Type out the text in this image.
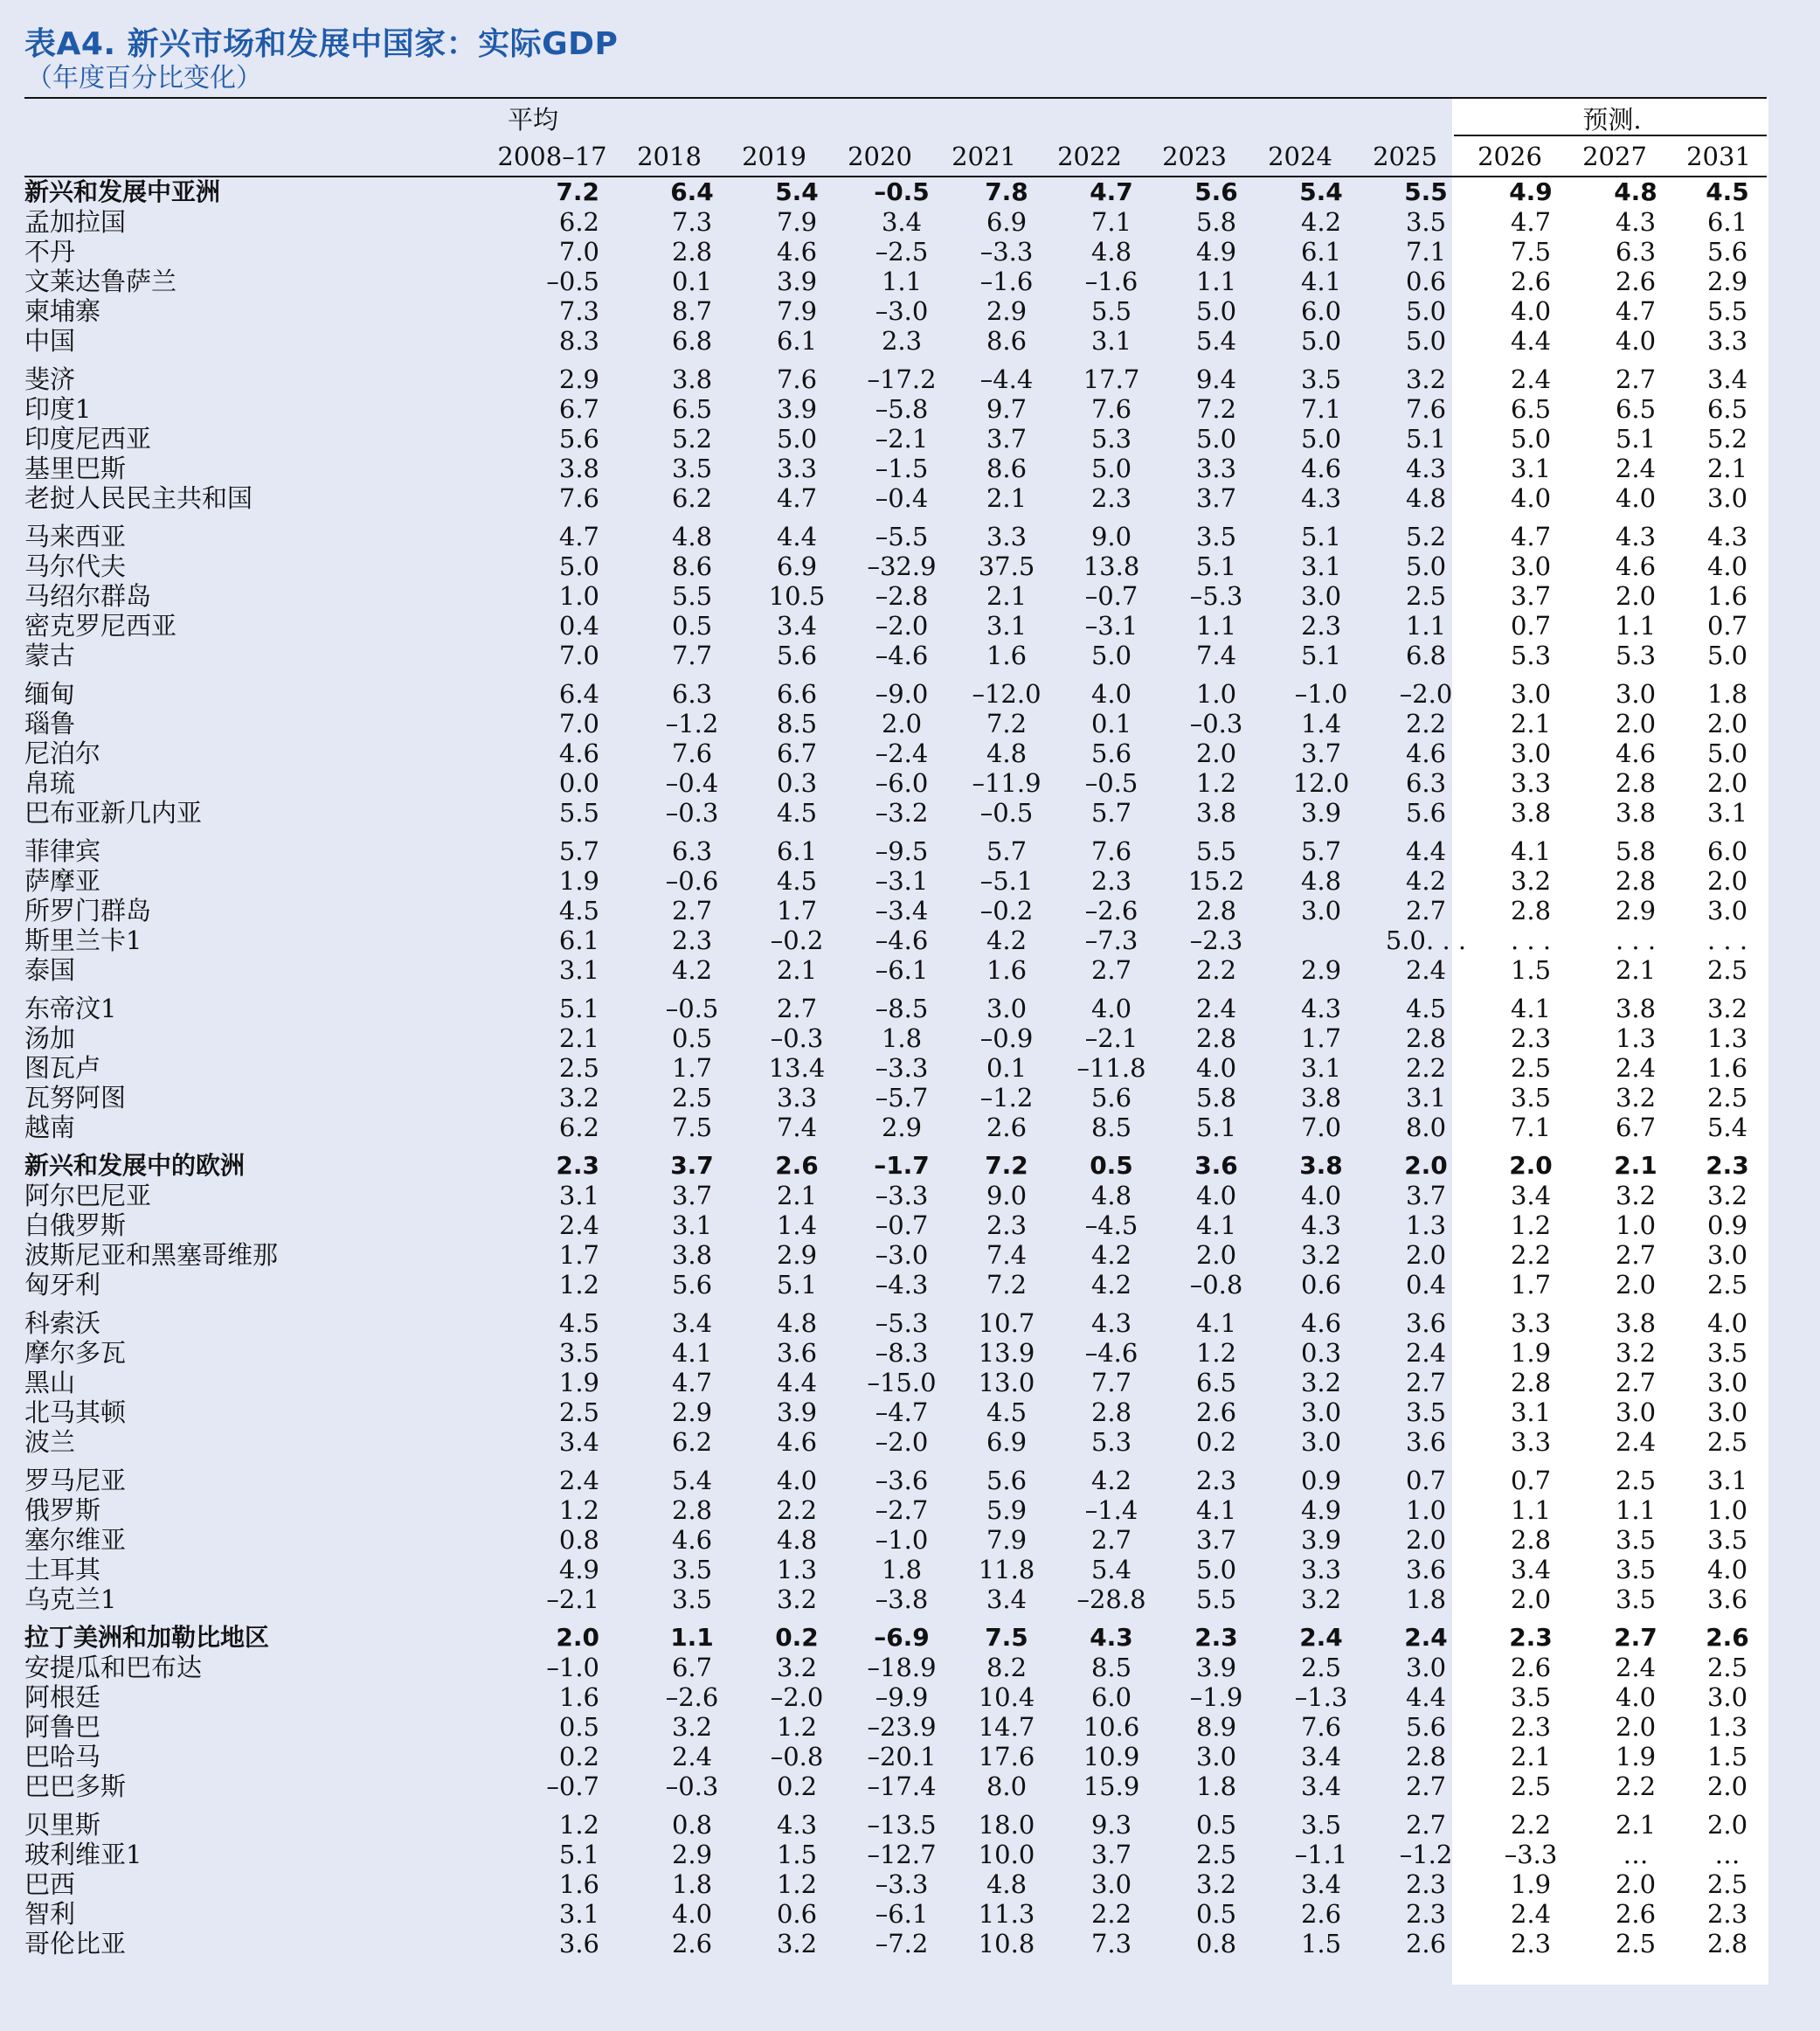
表A4. 新兴市场和发展中国家：实际GDP
（年度百分比变化）
平均	预测.
2008–17 2018 2019 2020 2021 2022 2023 2024 2025 2026 2027 2031
新兴和发展中亚洲	7.2	6.4	5.4	–0.5	7.8	4.7	5.6	5.4	5.5	4.9	4.8	4.5
孟加拉国	6.2	7.3	7.9	3.4	6.9	7.1	5.8	4.2	3.5	4.7	4.3	6.1
不丹	7.0	2.8	4.6	–2.5	–3.3	4.8	4.9	6.1	7.1	7.5	6.3	5.6
文莱达鲁萨兰	–0.5	0.1	3.9	1.1	–1.6	–1.6	1.1	4.1	0.6	2.6	2.6	2.9
柬埔寨	7.3	8.7	7.9	–3.0	2.9	5.5	5.0	6.0	5.0	4.0	4.7	5.5
中国	8.3	6.8	6.1	2.3	8.6	3.1	5.4	5.0	5.0	4.4	4.0	3.3
斐济	2.9	3.8	7.6	–17.2	–4.4	17.7	9.4	3.5	3.2	2.4	2.7	3.4
印度1	6.7	6.5	3.9	–5.8	9.7	7.6	7.2	7.1	7.6	6.5	6.5	6.5
印度尼西亚	5.6	5.2	5.0	–2.1	3.7	5.3	5.0	5.0	5.1	5.0	5.1	5.2
基里巴斯	3.8	3.5	3.3	–1.5	8.6	5.0	3.3	4.6	4.3	3.1	2.4	2.1
老挝人民民主共和国	7.6	6.2	4.7	–0.4	2.1	2.3	3.7	4.3	4.8	4.0	4.0	3.0
马来西亚	4.7	4.8	4.4	–5.5	3.3	9.0	3.5	5.1	5.2	4.7	4.3	4.3
马尔代夫	5.0	8.6	6.9	–32.9	37.5	13.8	5.1	3.1	5.0	3.0	4.6	4.0
马绍尔群岛	1.0	5.5	10.5	–2.8	2.1	–0.7	–5.3	3.0	2.5	3.7	2.0	1.6
密克罗尼西亚	0.4	0.5	3.4	–2.0	3.1	–3.1	1.1	2.3	1.1	0.7	1.1	0.7
蒙古	7.0	7.7	5.6	–4.6	1.6	5.0	7.4	5.1	6.8	5.3	5.3	5.0
缅甸	6.4	6.3	6.6	–9.0	–12.0	4.0	1.0	–1.0	–2.0	3.0	3.0	1.8
瑙鲁	7.0	–1.2	8.5	2.0	7.2	0.1	–0.3	1.4	2.2	2.1	2.0	2.0
尼泊尔	4.6	7.6	6.7	–2.4	4.8	5.6	2.0	3.7	4.6	3.0	4.6	5.0
帛琉	0.0	–0.4	0.3	–6.0	–11.9	–0.5	1.2	12.0	6.3	3.3	2.8	2.0
巴布亚新几内亚	5.5	–0.3	4.5	–3.2	–0.5	5.7	3.8	3.9	5.6	3.8	3.8	3.1
菲律宾	5.7	6.3	6.1	–9.5	5.7	7.6	5.5	5.7	4.4	4.1	5.8	6.0
萨摩亚	1.9	–0.6	4.5	–3.1	–5.1	2.3	15.2	4.8	4.2	3.2	2.8	2.0
所罗门群岛	4.5	2.7	1.7	–3.4	–0.2	–2.6	2.8	3.0	2.7	2.8	2.9	3.0
斯里兰卡1	6.1	2.3	–0.2	–4.6	4.2	–7.3	–2.3		5.0. . .	. . .	. . .	. . .
泰国	3.1	4.2	2.1	–6.1	1.6	2.7	2.2	2.9	2.4	1.5	2.1	2.5
东帝汶1	5.1	–0.5	2.7	–8.5	3.0	4.0	2.4	4.3	4.5	4.1	3.8	3.2
汤加	2.1	0.5	–0.3	1.8	–0.9	–2.1	2.8	1.7	2.8	2.3	1.3	1.3
图瓦卢	2.5	1.7	13.4	–3.3	0.1	–11.8	4.0	3.1	2.2	2.5	2.4	1.6
瓦努阿图	3.2	2.5	3.3	–5.7	–1.2	5.6	5.8	3.8	3.1	3.5	3.2	2.5
越南	6.2	7.5	7.4	2.9	2.6	8.5	5.1	7.0	8.0	7.1	6.7	5.4
新兴和发展中的欧洲	2.3	3.7	2.6	–1.7	7.2	0.5	3.6	3.8	2.0	2.0	2.1	2.3
阿尔巴尼亚	3.1	3.7	2.1	–3.3	9.0	4.8	4.0	4.0	3.7	3.4	3.2	3.2
白俄罗斯	2.4	3.1	1.4	–0.7	2.3	–4.5	4.1	4.3	1.3	1.2	1.0	0.9
波斯尼亚和黑塞哥维那	1.7	3.8	2.9	–3.0	7.4	4.2	2.0	3.2	2.0	2.2	2.7	3.0
匈牙利	1.2	5.6	5.1	–4.3	7.2	4.2	–0.8	0.6	0.4	1.7	2.0	2.5
科索沃	4.5	3.4	4.8	–5.3	10.7	4.3	4.1	4.6	3.6	3.3	3.8	4.0
摩尔多瓦	3.5	4.1	3.6	–8.3	13.9	–4.6	1.2	0.3	2.4	1.9	3.2	3.5
黑山	1.9	4.7	4.4	–15.0	13.0	7.7	6.5	3.2	2.7	2.8	2.7	3.0
北马其顿	2.5	2.9	3.9	–4.7	4.5	2.8	2.6	3.0	3.5	3.1	3.0	3.0
波兰	3.4	6.2	4.6	–2.0	6.9	5.3	0.2	3.0	3.6	3.3	2.4	2.5
罗马尼亚	2.4	5.4	4.0	–3.6	5.6	4.2	2.3	0.9	0.7	0.7	2.5	3.1
俄罗斯	1.2	2.8	2.2	–2.7	5.9	–1.4	4.1	4.9	1.0	1.1	1.1	1.0
塞尔维亚	0.8	4.6	4.8	–1.0	7.9	2.7	3.7	3.9	2.0	2.8	3.5	3.5
土耳其	4.9	3.5	1.3	1.8	11.8	5.4	5.0	3.3	3.6	3.4	3.5	4.0
乌克兰1	–2.1	3.5	3.2	–3.8	3.4	–28.8	5.5	3.2	1.8	2.0	3.5	3.6
拉丁美洲和加勒比地区	2.0	1.1	0.2	–6.9	7.5	4.3	2.3	2.4	2.4	2.3	2.7	2.6
安提瓜和巴布达	–1.0	6.7	3.2	–18.9	8.2	8.5	3.9	2.5	3.0	2.6	2.4	2.5
阿根廷	1.6	–2.6	–2.0	–9.9	10.4	6.0	–1.9	–1.3	4.4	3.5	4.0	3.0
阿鲁巴	0.5	3.2	1.2	–23.9	14.7	10.6	8.9	7.6	5.6	2.3	2.0	1.3
巴哈马	0.2	2.4	–0.8	–20.1	17.6	10.9	3.0	3.4	2.8	2.1	1.9	1.5
巴巴多斯	–0.7	–0.3	0.2	–17.4	8.0	15.9	1.8	3.4	2.7	2.5	2.2	2.0
贝里斯	1.2	0.8	4.3	–13.5	18.0	9.3	0.5	3.5	2.7	2.2	2.1	2.0
玻利维亚1	5.1	2.9	1.5	–12.7	10.0	3.7	2.5	–1.1	–1.2	–3.3	…	…
巴西	1.6	1.8	1.2	–3.3	4.8	3.0	3.2	3.4	2.3	1.9	2.0	2.5
智利	3.1	4.0	0.6	–6.1	11.3	2.2	0.5	2.6	2.3	2.4	2.6	2.3
哥伦比亚	3.6	2.6	3.2	–7.2	10.8	7.3	0.8	1.5	2.6	2.3	2.5	2.8
